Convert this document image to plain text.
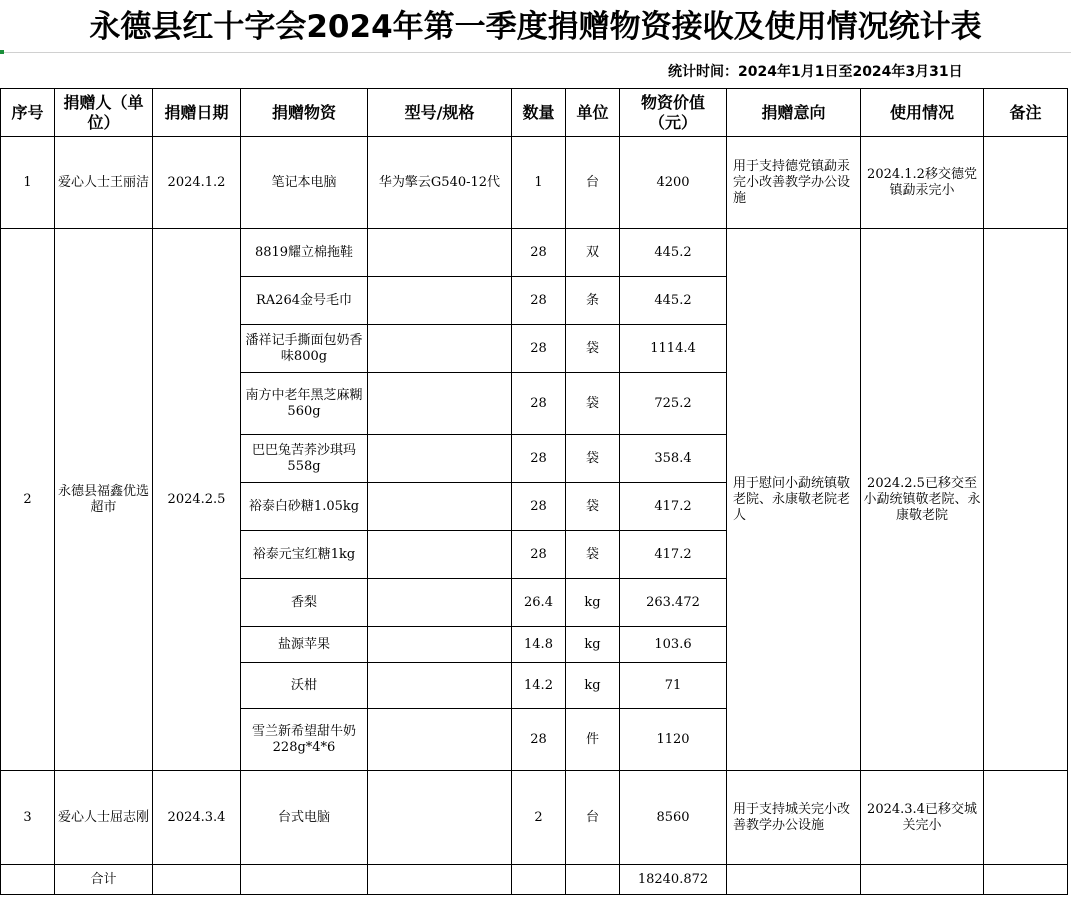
永德县红十字会2024年第一季度捐赠物资接收及使用情况统计表
统计时间：2024年1月1日至2024年3月31日
序号	捐赠人（单位）	捐赠日期	捐赠物资	型号/规格	数量	单位	物资价值（元）	捐赠意向	使用情况	备注
1	爱心人士王丽洁	2024.1.2	笔记本电脑	华为擎云G540-12代	1	台	4200	用于支持德党镇勐汞完小改善教学办公设施	2024.1.2移交德党镇勐汞完小	
2	永德县福鑫优选超市	2024.2.5	8819耀立棉拖鞋		28	双	445.2	用于慰问小勐统镇敬老院、永康敬老院老人	2024.2.5已移交至小勐统镇敬老院、永康敬老院	
			RA264金号毛巾		28	条	445.2			
			潘祥记手撕面包奶香味800g		28	袋	1114.4			
			南方中老年黑芝麻糊560g		28	袋	725.2			
			巴巴兔苦荞沙琪玛558g		28	袋	358.4			
			裕泰白砂糖1.05kg		28	袋	417.2			
			裕泰元宝红糖1kg		28	袋	417.2			
			香梨		26.4	kg	263.472			
			盐源苹果		14.8	kg	103.6			
			沃柑		14.2	kg	71			
			雪兰新希望甜牛奶228g*4*6		28	件	1120			
3	爱心人士屈志刚	2024.3.4	台式电脑		2	台	8560	用于支持城关完小改善教学办公设施	2024.3.4已移交城关完小	
	合计						18240.872			
